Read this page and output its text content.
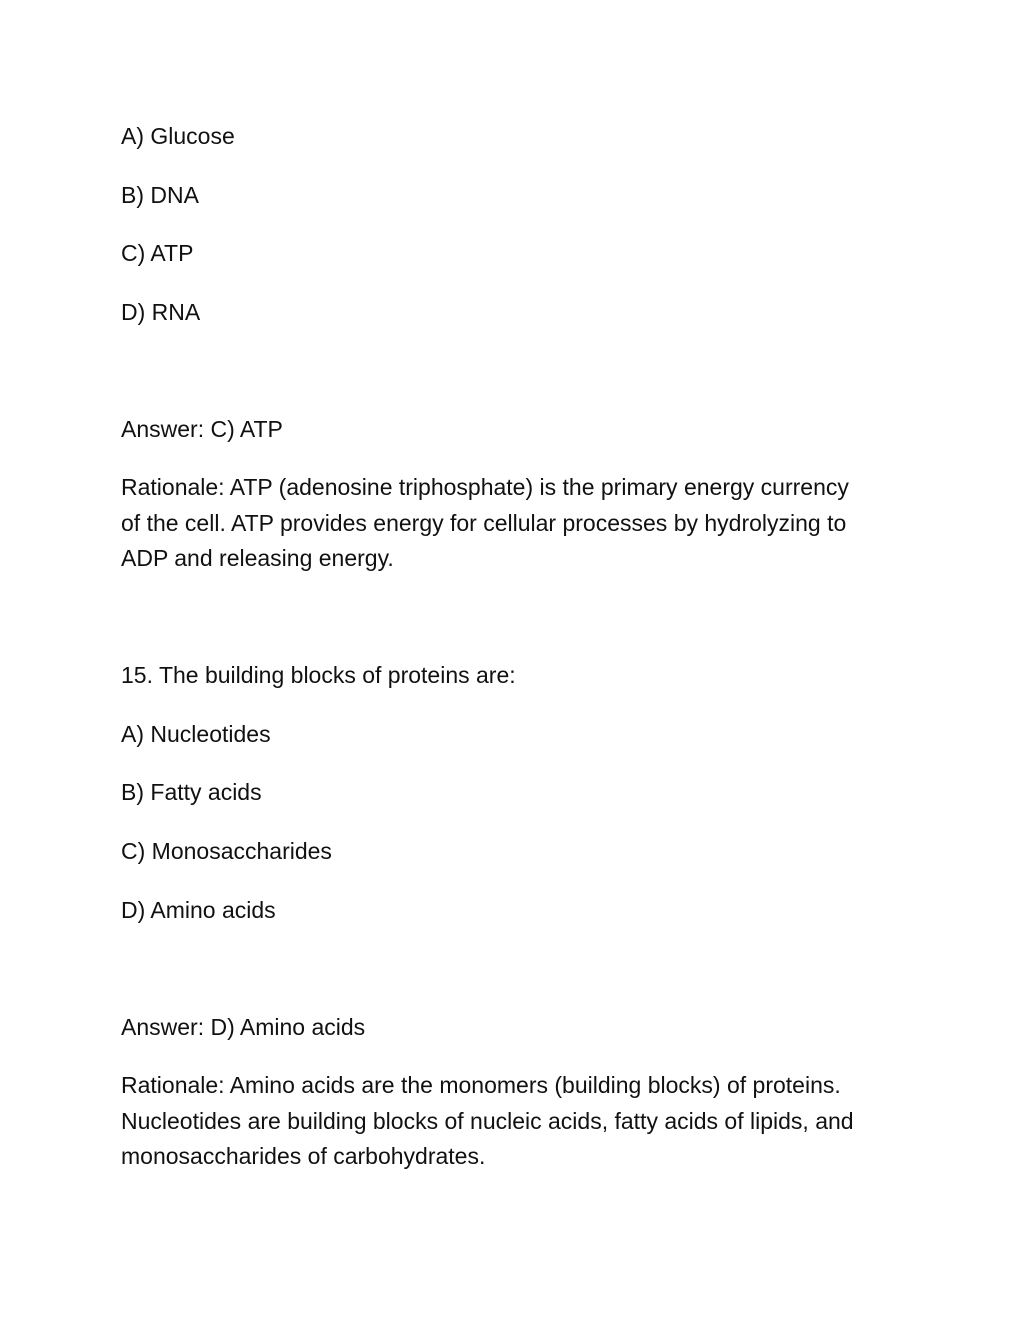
A) Glucose
B) DNA
C) ATP
D) RNA
Answer: C) ATP
Rationale: ATP (adenosine triphosphate) is the primary energy currency
of the cell. ATP provides energy for cellular processes by hydrolyzing to
ADP and releasing energy.
15. The building blocks of proteins are:
A) Nucleotides
B) Fatty acids
C) Monosaccharides
D) Amino acids
Answer: D) Amino acids
Rationale: Amino acids are the monomers (building blocks) of proteins.
Nucleotides are building blocks of nucleic acids, fatty acids of lipids, and
monosaccharides of carbohydrates.
